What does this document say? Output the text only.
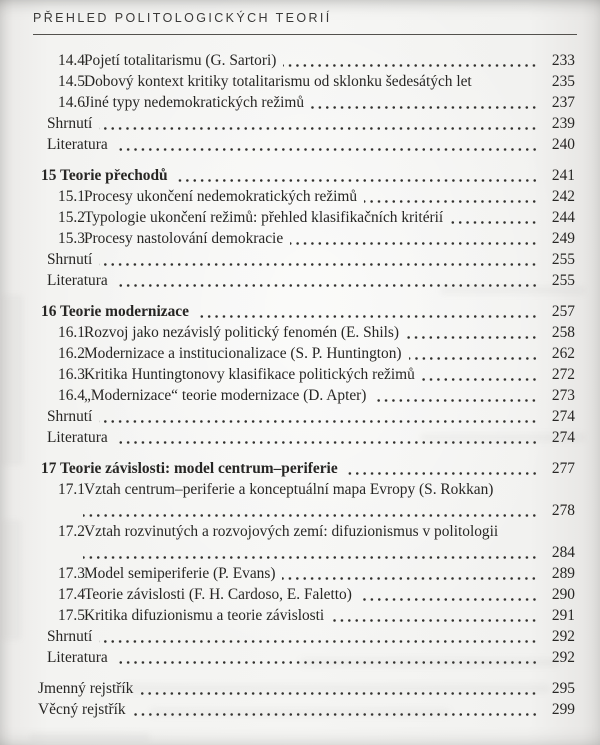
PŘEHLED POLITOLOGICKÝCH TEORIÍ
14.4 Pojetí totalitarismu (G. Sartori)	233
14.5 Dobový kontext kritiky totalitarismu od sklonku šedesátých let	235
14.6 Jiné typy nedemokratických režimů	237
Shrnutí	239
Literatura	240
15 Teorie přechodů	241
15.1 Procesy ukončení nedemokratických režimů	242
15.2 Typologie ukončení režimů: přehled klasifikačních kritérií	244
15.3 Procesy nastolování demokracie	249
Shrnutí	255
Literatura	255
16 Teorie modernizace	257
16.1 Rozvoj jako nezávislý politický fenomén (E. Shils)	258
16.2 Modernizace a institucionalizace (S. P. Huntington)	262
16.3 Kritika Huntingtonovy klasifikace politických režimů	272
16.4 „Modernizace“ teorie modernizace (D. Apter)	273
Shrnutí	274
Literatura	274
17 Teorie závislosti: model centrum–periferie	277
17.1 Vztah centrum–periferie a konceptuální mapa Evropy (S. Rokkan)
278
17.2 Vztah rozvinutých a rozvojových zemí: difuzionismus v politologii
284
17.3 Model semiperiferie (P. Evans)	289
17.4 Teorie závislosti (F. H. Cardoso, E. Faletto)	290
17.5 Kritika difuzionismu a teorie závislosti	291
Shrnutí	292
Literatura	292
Jmenný rejstřík	295
Věcný rejstřík	299
